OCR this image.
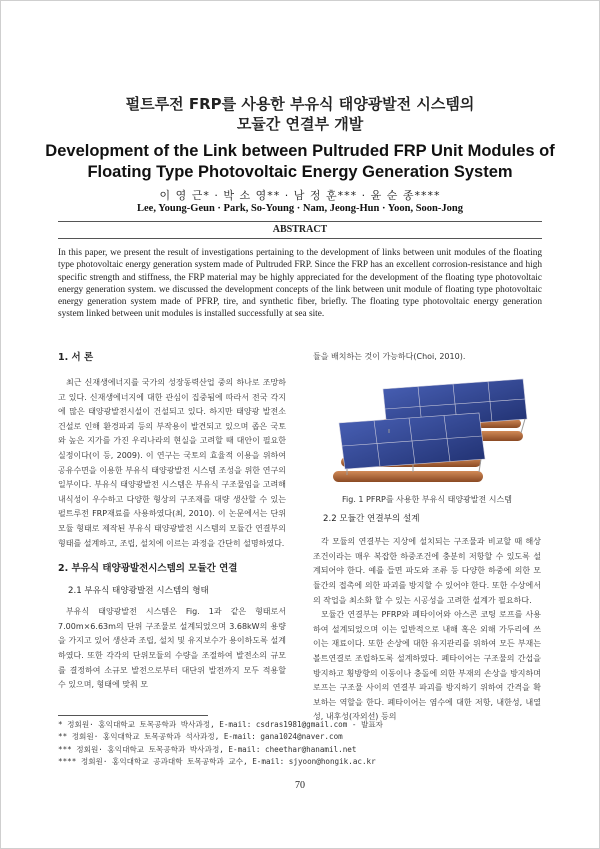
펄트루전 FRP를 사용한 부유식 태양광발전 시스템의
모듈간 연결부 개발
Development of the Link between Pultruded FRP Unit Modules of
Floating Type Photovoltaic Energy Generation System
이 영 근* · 박 소 영** · 남 정 훈*** · 윤 순 종****
Lee, Young-Geun · Park, So-Young · Nam, Jeong-Hun · Yoon, Soon-Jong
ABSTRACT
In this paper, we present the result of investigations pertaining to the development of links between unit modules of the floating type photovoltaic energy generation system made of Pultruded FRP. Since the FRP has an excellent corrosion-resistance and high specific strength and stiffness, the FRP material may be highly appreciated for the development of the floating type photovoltaic energy generation system. we discussed the development concepts of the link between unit module of floating type photovoltaic energy generation system made of PFRP, tire, and synthetic fiber, briefly. The floating type photovoltaic energy generation system linked between unit modules is installed successfully at sea site.
1. 서 론

최근 신재생에너지를 국가의 성장동력산업 중의 하나로 조망하고 있다. 신재생에너지에 대한 관심이 집중됨에 따라서 전국 각지에 많은 태양광발전시설이 건설되고 있다. 하지만 태양광 발전소 건설로 인해 환경파괴 등의 부작용이 발견되고 있으며 좁은 국토와 높은 지가를 가진 우리나라의 현실을 고려할 때 대안이 필요한 실정이다(이 등, 2009). 이 연구는 국토의 효율적 이용을 위하여 공유수면을 이용한 부유식 태양광발전 시스템 조성을 위한 연구의 일부이다. 부유식 태양광발전 시스템은 부유식 구조물임을 고려해 내식성이 우수하고 다양한 형상의 구조재를 대량 생산할 수 있는 펄트루전 FRP재료를 사용하였다(최, 2010). 이 논문에서는 단위모듈 형태로 제작된 부유식 태양광발전 시스템의 모듈간 연결부의 형태를 설계하고, 조립, 설치에 이르는 과정을 간단히 설명하였다.

2. 부유식 태양광발전시스템의 모듈간 연결
2.1 부유식 태양광발전 시스템의 형태

부유식 태양광발전 시스템은 Fig. 1과 같은 형태로서 7.00m×6.63m의 단위 구조물로 설계되었으며 3.68kW의 용량을 가지고 있어 생산과 조립, 설치 및 유지보수가 용이하도록 설계하였다. 또한 각각의 단위모듈의 수량을 조절하여 발전소의 규모를 결정하여 소규모 발전으로부터 대단위 발전까지 모두 적용할 수 있으며, 형태에 맞춰 모

듈을 배치하는 것이 가능하다(Choi, 2010).

Fig. 1 PFRP를 사용한 부유식 태양광발전 시스템
2.2 모듈간 연결부의 설계

각 모듈의 연결부는 지상에 설치되는 구조물과 비교할 때 해상조건이라는 매우 복잡한 하중조건에 충분히 저항할 수 있도록 설계되어야 한다. 예를 들면 파도와 조류 등 다양한 하중에 의한 모듈간의 접촉에 의한 파괴를 방지할 수 있어야 한다. 또한 수상에서의 작업을 최소화 할 수 있는 시공성을 고려한 설계가 필요하다.

모듈간 연결부는 PFRP와 폐타이어와 아스콘 코팅 로프를 사용하여 설계되었으며 이는 일반적으로 내해 혹은 외해 가두리에 쓰이는 재료이다. 또한 손상에 대한 유지관리를 위하여 모든 부재는 볼트연결로 조립하도록 설계하였다. 폐타이어는 구조물의 간섭을 방지하고 횡방향의 이동이나 충돌에 의한 부재의 손상을 방지하며 로프는 구조물 사이의 연결부 파괴를 방지하기 위하여 간격을 확보하는 역할을 한다. 폐타이어는 염수에 대한 저항, 내한성, 내열성, 내후성(자외선) 등의

* 정회원· 홍익대학교 토목공학과 박사과정, E-mail: csdras1981@gmail.com - 발표자
** 정회원· 홍익대학교 토목공학과 석사과정, E-mail: gana1024@naver.com
*** 정회원· 홍익대학교 토목공학과 박사과정, E-mail: cheethar@hanamil.net
**** 정회원· 홍익대학교 공과대학 토목공학과 교수, E-mail: sjyoon@hongik.ac.kr
70
